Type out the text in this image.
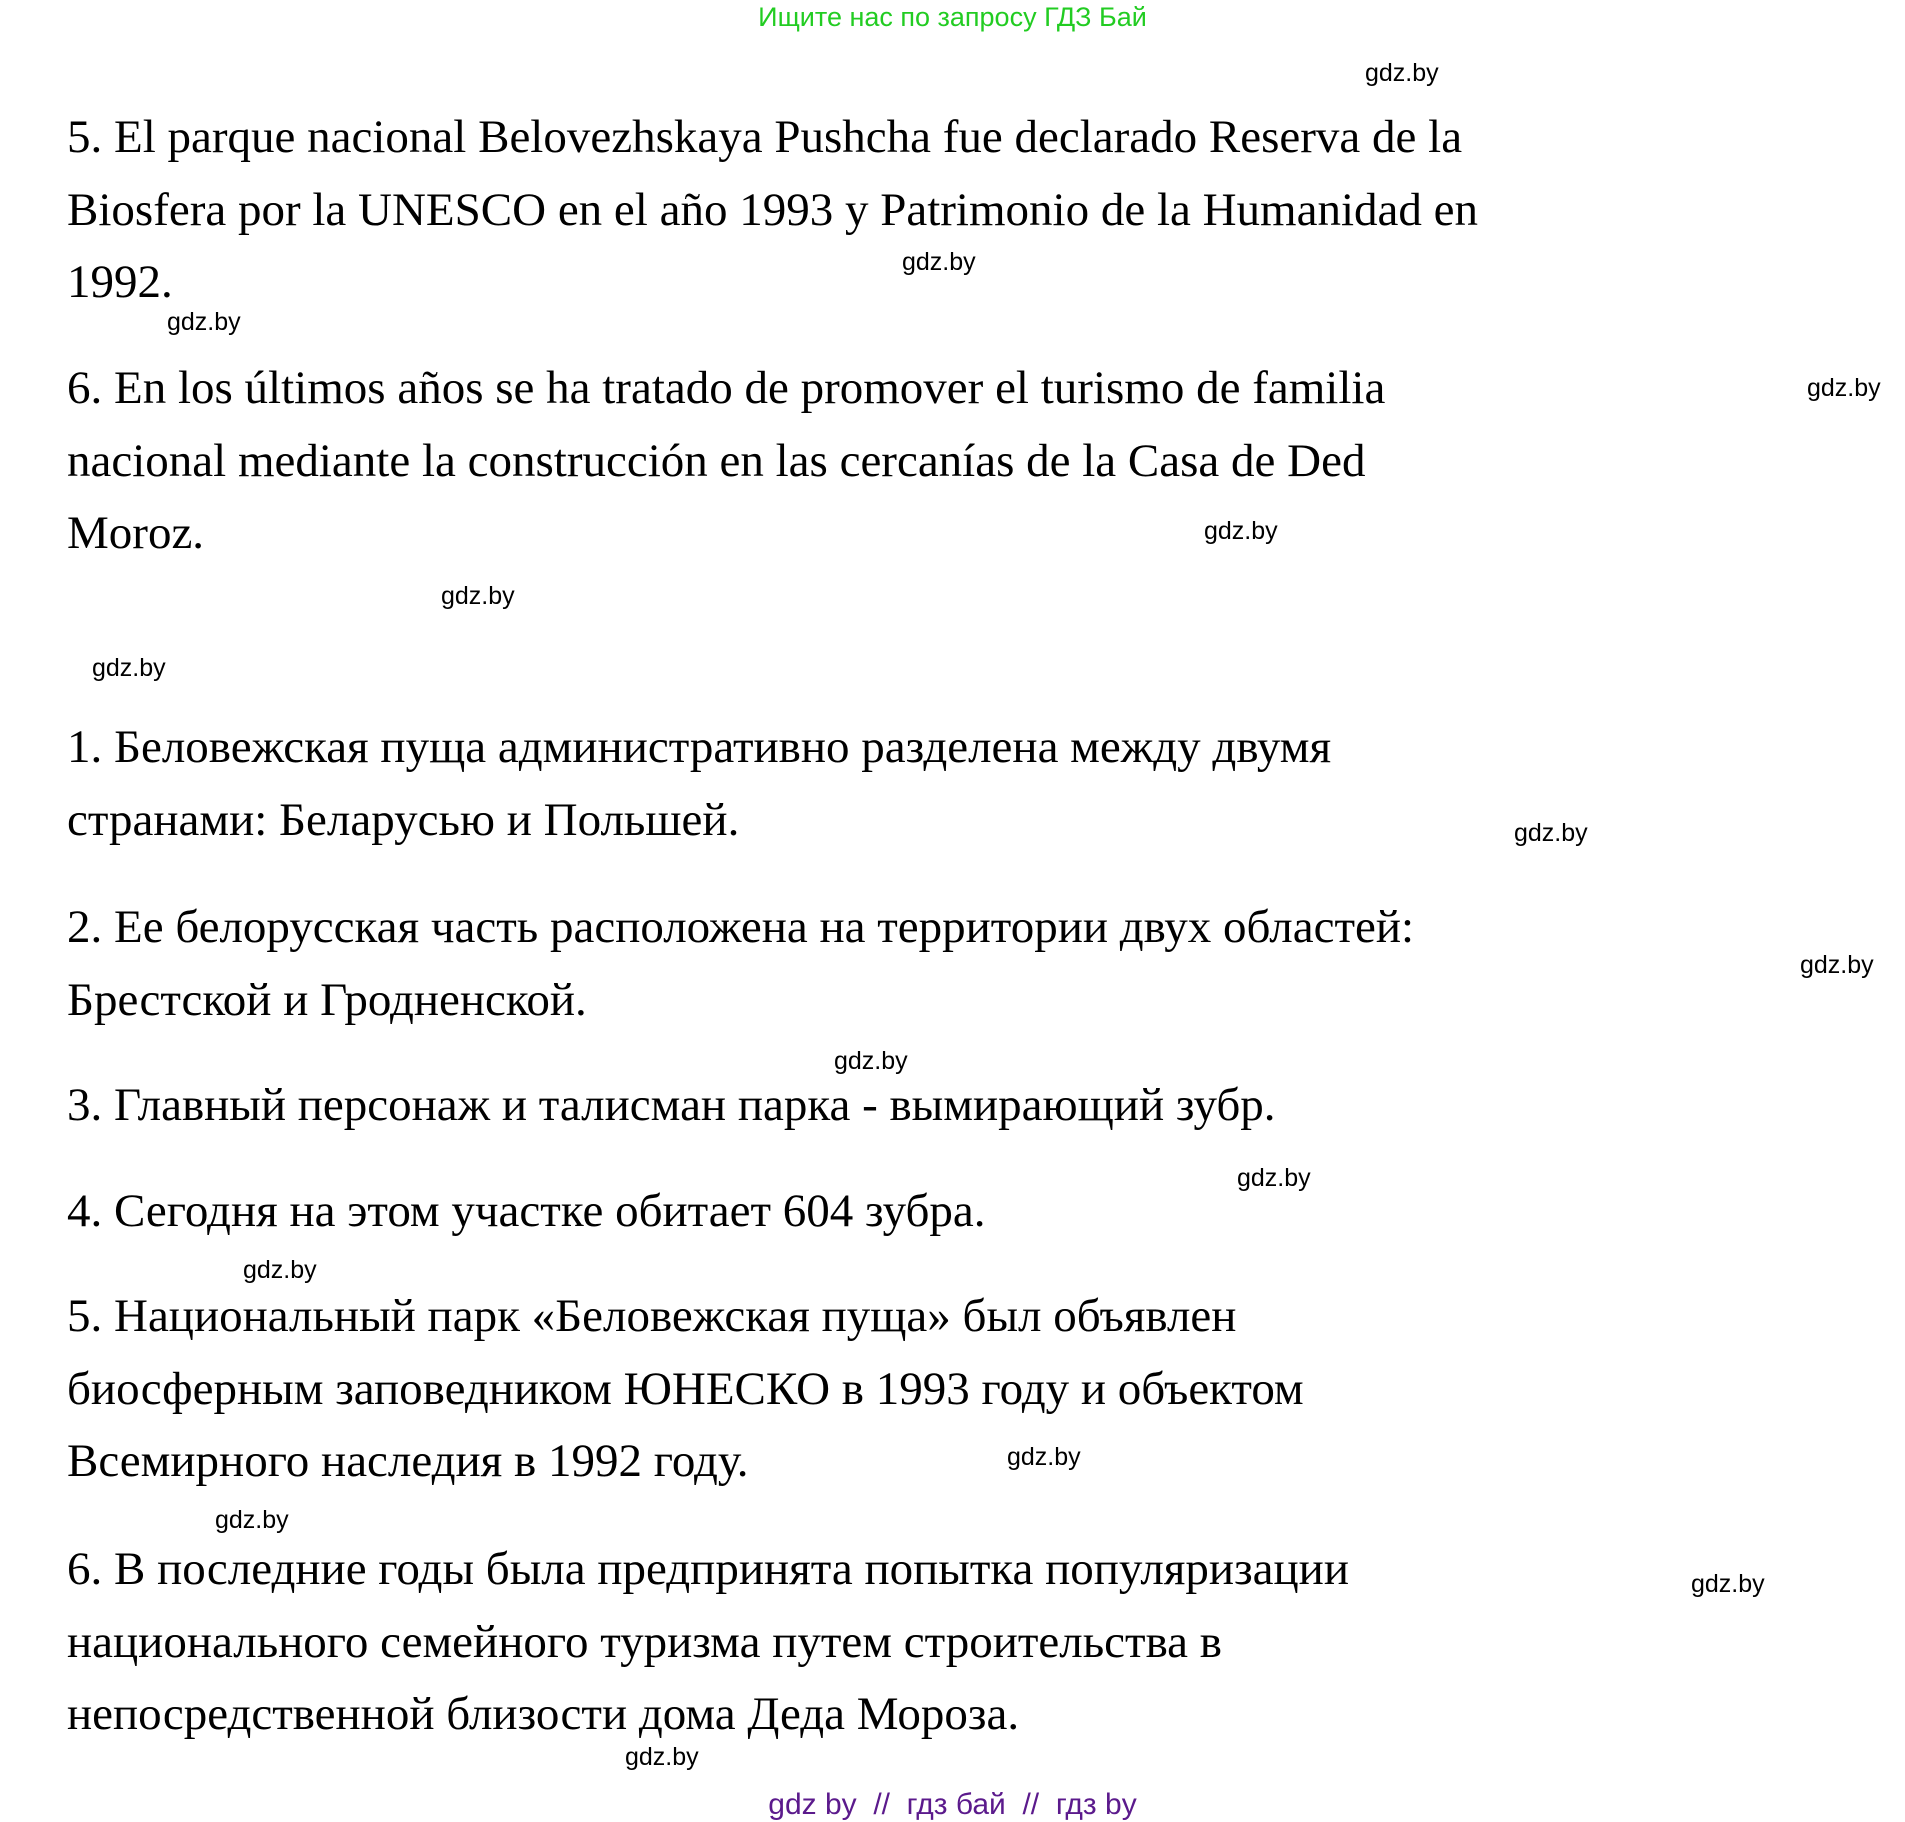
Ищите нас по запросу ГДЗ Бай
5. El parque nacional Belovezhskaya Pushcha fue declarado Reserva de la
Biosfera por la UNESCO en el año 1993 y Patrimonio de la Humanidad en
1992.
6. En los últimos años se ha tratado de promover el turismo de familia
nacional mediante la construcción en las cercanías de la Casa de Ded
Moroz.
1. Беловежская пуща административно разделена между двумя
странами: Беларусью и Польшей.
2. Ее белорусская часть расположена на территории двух областей:
Брестской и Гродненской.
3. Главный персонаж и талисман парка - вымирающий зубр.
4. Сегодня на этом участке обитает 604 зубра.
5. Национальный парк «Беловежская пуща» был объявлен
биосферным заповедником ЮНЕСКО в 1993 году и объектом
Всемирного наследия в 1992 году.
6. В последние годы была предпринята попытка популяризации
национального семейного туризма путем строительства в
непосредственной близости дома Деда Мороза.
gdz.by
gdz.by
gdz.by
gdz.by
gdz.by
gdz.by
gdz.by
gdz.by
gdz.by
gdz.by
gdz.by
gdz.by
gdz.by
gdz.by
gdz.by
gdz.by
gdz by  //  гдз бай  //  гдз by
